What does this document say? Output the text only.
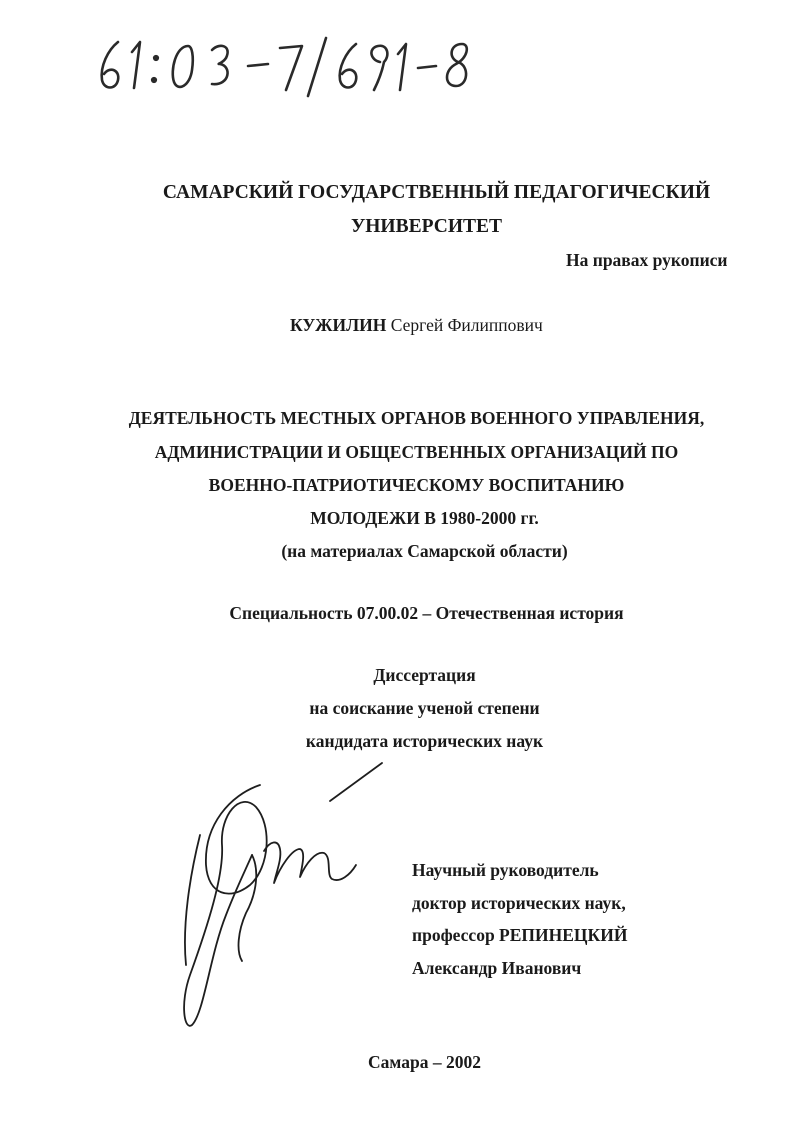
61:03-7/691-8
САМАРСКИЙ ГОСУДАРСТВЕННЫЙ ПЕДАГОГИЧЕСКИЙ
УНИВЕРСИТЕТ
На правах рукописи
КУЖИЛИН Сергей Филиппович
ДЕЯТЕЛЬНОСТЬ МЕСТНЫХ ОРГАНОВ ВОЕННОГО УПРАВЛЕНИЯ,
АДМИНИСТРАЦИИ И ОБЩЕСТВЕННЫХ ОРГАНИЗАЦИЙ ПО
ВОЕННО-ПАТРИОТИЧЕСКОМУ ВОСПИТАНИЮ
МОЛОДЕЖИ В 1980-2000 гг.
(на материалах Самарской области)
Специальность 07.00.02 – Отечественная история
Диссертация
на соискание ученой степени
кандидата исторических наук
Научный руководитель
доктор исторических наук,
профессор РЕПИНЕЦКИЙ
Александр Иванович
Самара – 2002
